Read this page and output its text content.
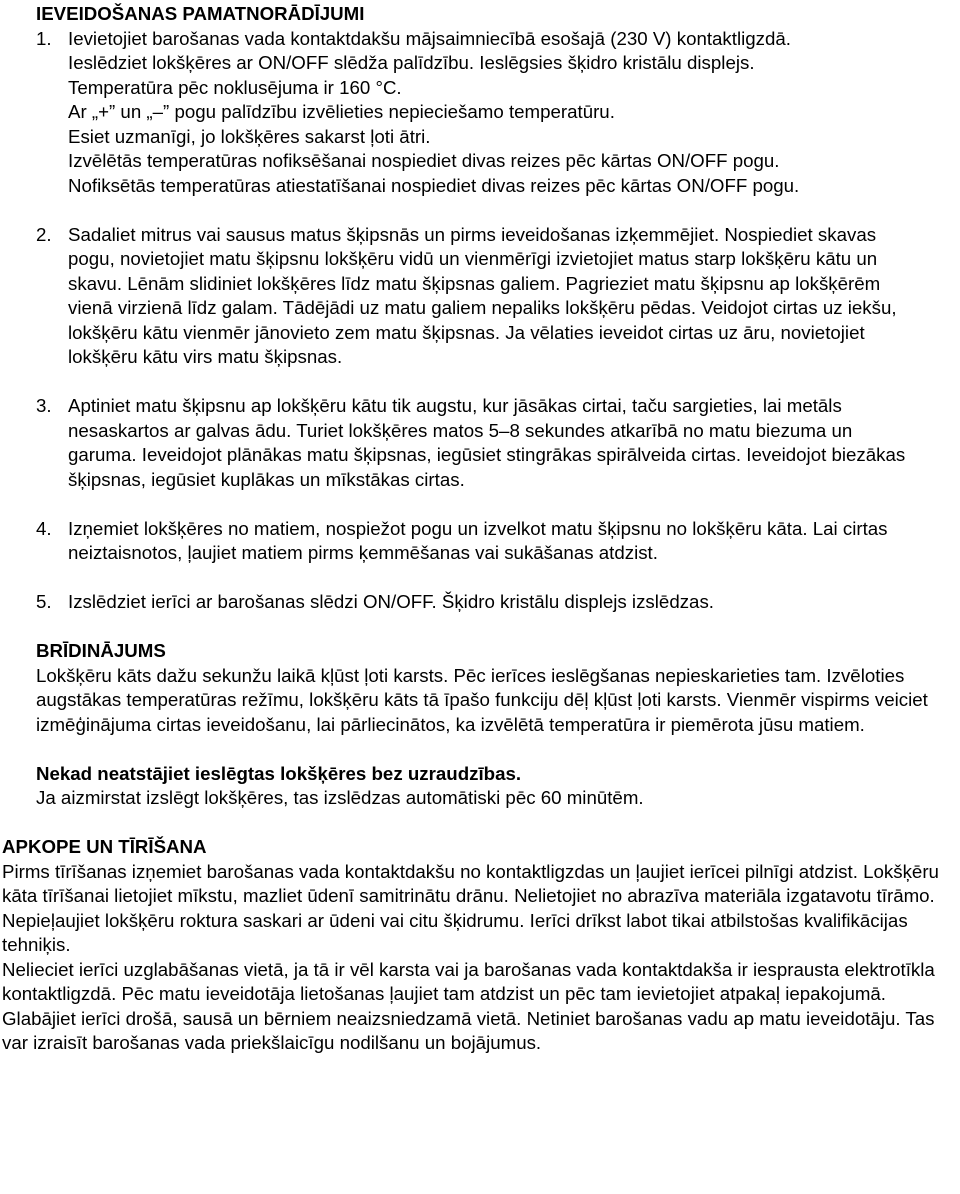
IEVEIDOŠANAS PAMATNORĀDĪJUMI

1. Ievietojiet barošanas vada kontaktdakšu mājsaimniecībā esošajā (230 V) kontaktligzdā.

Ieslēdziet lokšķēres ar ON/OFF slēdža palīdzību. Ieslēgsies šķidro kristālu displejs.

Temperatūra pēc noklusējuma ir 160 °C.

Ar „+” un „–” pogu palīdzību izvēlieties nepieciešamo temperatūru.

Esiet uzmanīgi, jo lokšķēres sakarst ļoti ātri.

Izvēlētās temperatūras nofiksēšanai nospiediet divas reizes pēc kārtas ON/OFF pogu.

Nofiksētās temperatūras atiestatīšanai nospiediet divas reizes pēc kārtas ON/OFF pogu.

2. Sadaliet mitrus vai sausus matus šķipsnās un pirms ieveidošanas izķemmējiet. Nospiediet skavas pogu, novietojiet matu šķipsnu lokšķēru vidū un vienmērīgi izvietojiet matus starp lokšķēru kātu un skavu. Lēnām slidiniet lokšķēres līdz matu šķipsnas galiem. Pagrieziet matu šķipsnu ap lokšķērēm vienā virzienā līdz galam. Tādējādi uz matu galiem nepaliks lokšķēru pēdas. Veidojot cirtas uz iekšu, lokšķēru kātu vienmēr jānovieto zem matu šķipsnas. Ja vēlaties ieveidot cirtas uz āru, novietojiet lokšķēru kātu virs matu šķipsnas.

3. Aptiniet matu šķipsnu ap lokšķēru kātu tik augstu, kur jāsākas cirtai, taču sargieties, lai metāls nesaskartos ar galvas ādu. Turiet lokšķēres matos 5–8 sekundes atkarībā no matu biezuma un garuma. Ieveidojot plānākas matu šķipsnas, iegūsiet stingrākas spirālveida cirtas. Ieveidojot biezākas šķipsnas, iegūsiet kuplākas un mīkstākas cirtas.

4. Izņemiet lokšķēres no matiem, nospiežot pogu un izvelkot matu šķipsnu no lokšķēru kāta. Lai cirtas neiztaisnotos, ļaujiet matiem pirms ķemmēšanas vai sukāšanas atdzist.

5. Izslēdziet ierīci ar barošanas slēdzi ON/OFF. Šķidro kristālu displejs izslēdzas.

BRĪDINĀJUMS

Lokšķēru kāts dažu sekunžu laikā kļūst ļoti karsts. Pēc ierīces ieslēgšanas nepieskarieties tam. Izvēloties augstākas temperatūras režīmu, lokšķēru kāts tā īpašo funkciju dēļ kļūst ļoti karsts. Vienmēr vispirms veiciet izmēģinājuma cirtas ieveidošanu, lai pārliecinātos, ka izvēlētā temperatūra ir piemērota jūsu matiem.

Nekad neatstājiet ieslēgtas lokšķēres bez uzraudzības.

Ja aizmirstat izslēgt lokšķēres, tas izslēdzas automātiski pēc 60 minūtēm.

APKOPE UN TĪRĪŠANA

Pirms tīrīšanas izņemiet barošanas vada kontaktdakšu no kontaktligzdas un ļaujiet ierīcei pilnīgi atdzist. Lokšķēru kāta tīrīšanai lietojiet mīkstu, mazliet ūdenī samitrinātu drānu. Nelietojiet no abrazīva materiāla izgatavotu tīrāmo. Nepieļaujiet lokšķēru roktura saskari ar ūdeni vai citu šķidrumu. Ierīci drīkst labot tikai atbilstošas kvalifikācijas tehniķis.

Nelieciet ierīci uzglabāšanas vietā, ja tā ir vēl karsta vai ja barošanas vada kontaktdakša ir iesprausta elektrotīkla kontaktligzdā. Pēc matu ieveidotāja lietošanas ļaujiet tam atdzist un pēc tam ievietojiet atpakaļ iepakojumā. Glabājiet ierīci drošā, sausā un bērniem neaizsniedzamā vietā. Netiniet barošanas vadu ap matu ieveidotāju. Tas var izraisīt barošanas vada priekšlaicīgu nodilšanu un bojājumus.
